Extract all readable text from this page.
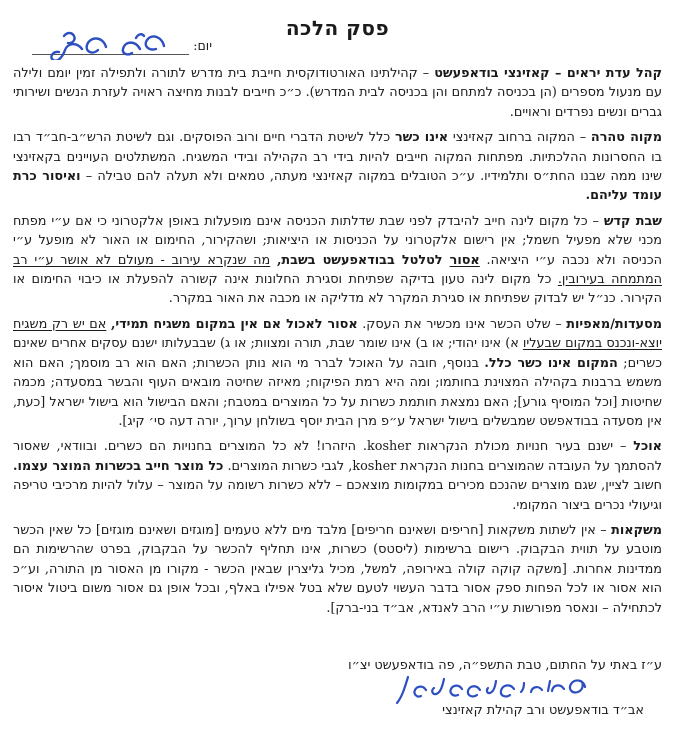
פסק הלכה
יום:

קהל עדת יראים – קאזינצי בודאפעשט – קהילתינו האורטודוקסית חייבת בית מדרש לתורה ולתפילה זמין יומם ולילה עם מנעול מספרים (הן בכניסה למתחם והן בכניסה לבית המדרש). כ״כ חייבים לבנות מחיצה ראויה לעזרת הנשים ושירותי גברים ונשים נפרדים וראויים.

מקוה טהרה – המקוה ברחוב קאזינצי אינו כשר כלל לשיטת הדברי חיים ורוב הפוסקים. וגם לשיטת הרש״ב-חב״ד רבו בו החסרונות ההלכתיות. מפתחות המקוה חייבים להיות בידי רב הקהילה ובידי המשגיח. המשתלטים העויינים בקאזינצי שינו ממה שבנו החת״ס ותלמידיו. ע״כ הטובלים במקוה קאזינצי מעתה, טמאים ולא תעלה להם טבילה – ואיסור כרת עומד עליהם.

שבת קדש – כל מקום לינה חייב להיבדק לפני שבת שדלתות הכניסה אינם מופעלות באופן אלקטרוני כי אם ע״י מפתח מכני שלא מפעיל חשמל; אין רישום אלקטרוני על הכניסות או היציאות; ושהקירור, החימום או האור לא מופעל ע״י הכניסה ולא נכבה ע״י היציאה. אסור לטלטל בבודאפעשט בשבת, מה שנקרא עירוב - מעולם לא אושר ע״י רב המתמחה בעירובין. כל מקום לינה טעון בדיקה שפתיחת וסגירת החלונות אינה קשורה להפעלת או כיבוי החימום או הקירור. כנ״ל יש לבדוק שפתיחת או סגירת המקרר לא מדליקה או מכבה את האור במקרר.

מסעדות/מאפיות – שלט הכשר אינו מכשיר את העסק. אסור לאכול אם אין במקום משגיח תמידי, אם יש רק משגיח יוצא-ונכנס במקום שבעליו א) אינו יהודי; או ב) אינו שומר שבת, תורה ומצוות; או ג) שבבעלותו ישנם עסקים אחרים שאינם כשרים; המקום אינו כשר כלל. בנוסף, חובה על האוכל לברר מי הוא נותן הכשרות; האם הוא רב מוסמך; האם הוא משמש ברבנות בקהילה המצוינת בחותמו; ומה היא רמת הפיקוח; מאיזה שחיטה מובאים העוף והבשר במסעדה; מכמה שחיטות [וכל המוסיף גורע]; האם נמצאת חותמת כשרות על כל המוצרים במטבח; והאם הבישול הוא בישול ישראל [כעת, אין מסעדה בבודאפשט שמבשלים בישול ישראל ע״פ מרן הבית יוסף בשולחן ערוך, יורה דעה סי׳ קיג].

אוכל – ישנם בעיר חנויות מכולת הנקראות kosher. היזהרו! לא כל המוצרים בחנויות הם כשרים. ובוודאי, שאסור להסתמך על העובדה שהמוצרים בחנות הנקראת kosher, לגבי כשרות המוצרים. כל מוצר חייב בכשרות המוצר עצמו. חשוב לציין, שגם מוצרים שהנכם מכירים במקומות מוצאכם – ללא כשרות רשומה על המוצר – עלול להיות מרכיבי טריפה וגיעולי נכרים ביצור המקומי.

משקאות – אין לשתות משקאות [חריפים ושאינם חריפים] מלבד מים ללא טעמים [מוגזים ושאינם מוגזים] כל שאין הכשר מוטבע על תווית הבקבוק. רישום ברשימות (ליסטס) כשרות, אינו תחליף להכשר על הבקבוק, בפרט שהרשימות הם ממדינות אחרות. [משקה קוקה קולה באירופה, למשל, מכיל גליצרין שבאין הכשר - מקורו מן האסור מן התורה, וע״כ הוא אסור או לכל הפחות ספק אסור בדבר העשוי לטעם שלא בטל אפילו באלף, ובכל אופן גם אסור משום ביטול איסור לכתחילה – ונאסר מפורשות ע״י הרב לאנדא, אב״ד בני-ברק].

ע״ז באתי על החתום, טבת התשפ״ה, פה בודאפעשט יצ״ו

אב״ד בודאפעשט ורב קהילת קאזינצי
